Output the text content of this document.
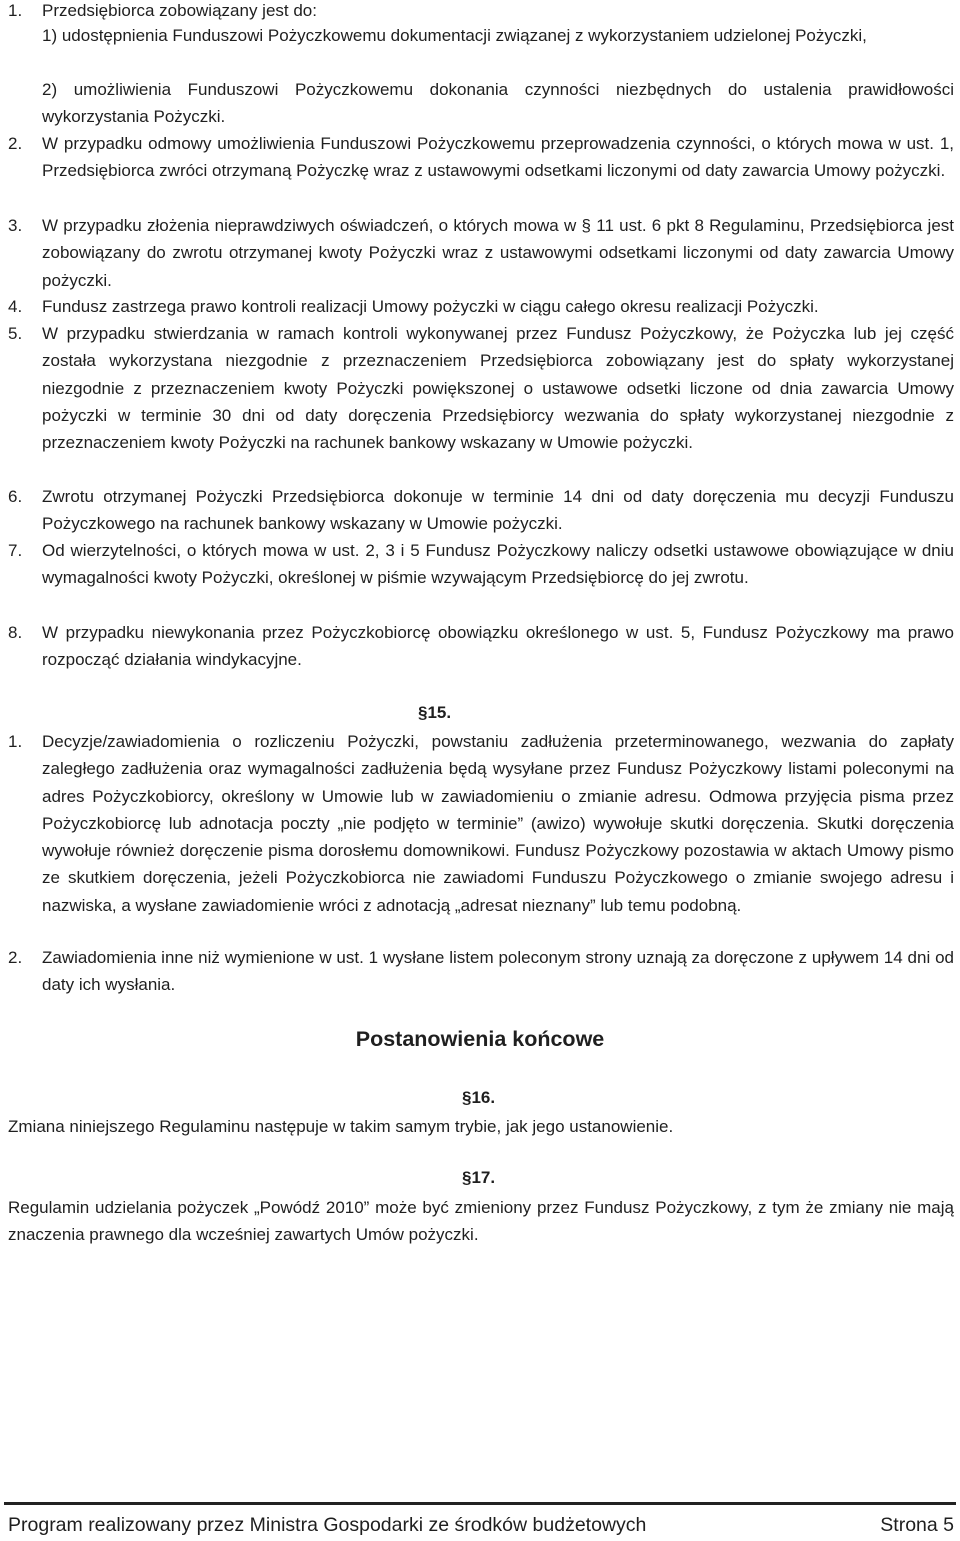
1. Przedsiębiorca zobowiązany jest do:
1) udostępnienia Funduszowi Pożyczkowemu dokumentacji związanej z wykorzystaniem udzielonej Pożyczki,
2) umożliwienia Funduszowi Pożyczkowemu dokonania czynności niezbędnych do ustalenia prawidłowości wykorzystania Pożyczki.
2. W przypadku odmowy umożliwienia Funduszowi Pożyczkowemu przeprowadzenia czynności, o których mowa w ust. 1, Przedsiębiorca zwróci otrzymaną Pożyczkę wraz z ustawowymi odsetkami liczonymi od daty zawarcia Umowy pożyczki.
3. W przypadku złożenia nieprawdziwych oświadczeń, o których mowa w § 11 ust. 6 pkt 8 Regulaminu, Przedsiębiorca jest zobowiązany do zwrotu otrzymanej kwoty Pożyczki wraz z ustawowymi odsetkami liczonymi od daty zawarcia Umowy pożyczki.
4. Fundusz zastrzega prawo kontroli realizacji Umowy pożyczki w ciągu całego okresu realizacji Pożyczki.
5. W przypadku stwierdzania w ramach kontroli wykonywanej przez Fundusz Pożyczkowy, że Pożyczka lub jej część została wykorzystana niezgodnie z przeznaczeniem Przedsiębiorca zobowiązany jest do spłaty wykorzystanej niezgodnie z przeznaczeniem kwoty Pożyczki powiększonej o ustawowe odsetki liczone od dnia zawarcia Umowy pożyczki w terminie 30 dni od daty doręczenia Przedsiębiorcy wezwania do spłaty wykorzystanej niezgodnie z przeznaczeniem kwoty Pożyczki na rachunek bankowy wskazany w Umowie pożyczki.
6. Zwrotu otrzymanej Pożyczki Przedsiębiorca dokonuje w terminie 14 dni od daty doręczenia mu decyzji Funduszu Pożyczkowego na rachunek bankowy wskazany w Umowie pożyczki.
7. Od wierzytelności, o których mowa w ust. 2, 3 i 5 Fundusz Pożyczkowy naliczy odsetki ustawowe obowiązujące w dniu wymagalności kwoty Pożyczki, określonej w piśmie wzywającym Przedsiębiorcę do jej zwrotu.
8. W przypadku niewykonania przez Pożyczkobiorcę obowiązku określonego w ust. 5, Fundusz Pożyczkowy ma prawo rozpocząć działania windykacyjne.
§15.
1. Decyzje/zawiadomienia o rozliczeniu Pożyczki, powstaniu zadłużenia przeterminowanego, wezwania do zapłaty zaległego zadłużenia oraz wymagalności zadłużenia będą wysyłane przez Fundusz Pożyczkowy listami poleconymi na adres Pożyczkobiorcy, określony w Umowie lub w zawiadomieniu o zmianie adresu. Odmowa przyjęcia pisma przez Pożyczkobiorcę lub adnotacja poczty „nie podjęto w terminie” (awizo) wywołuje skutki doręczenia. Skutki doręczenia wywołuje również doręczenie pisma dorosłemu domownikowi. Fundusz Pożyczkowy pozostawia w aktach Umowy pismo ze skutkiem doręczenia, jeżeli Pożyczkobiorca nie zawiadomi Funduszu Pożyczkowego o zmianie swojego adresu i nazwiska, a wysłane zawiadomienie wróci z adnotacją „adresat nieznany” lub temu podobną.
2. Zawiadomienia inne niż wymienione w ust. 1 wysłane listem poleconym strony uznają za doręczone z upływem 14 dni od daty ich wysłania.
Postanowienia końcowe
§16.
Zmiana niniejszego Regulaminu następuje w takim samym trybie, jak jego ustanowienie.
§17.
Regulamin udzielania pożyczek „Powódź 2010” może być zmieniony przez Fundusz Pożyczkowy, z tym że zmiany nie mają znaczenia prawnego dla wcześniej zawartych Umów pożyczki.
Program realizowany przez Ministra Gospodarki ze środków budżetowych	Strona 5
